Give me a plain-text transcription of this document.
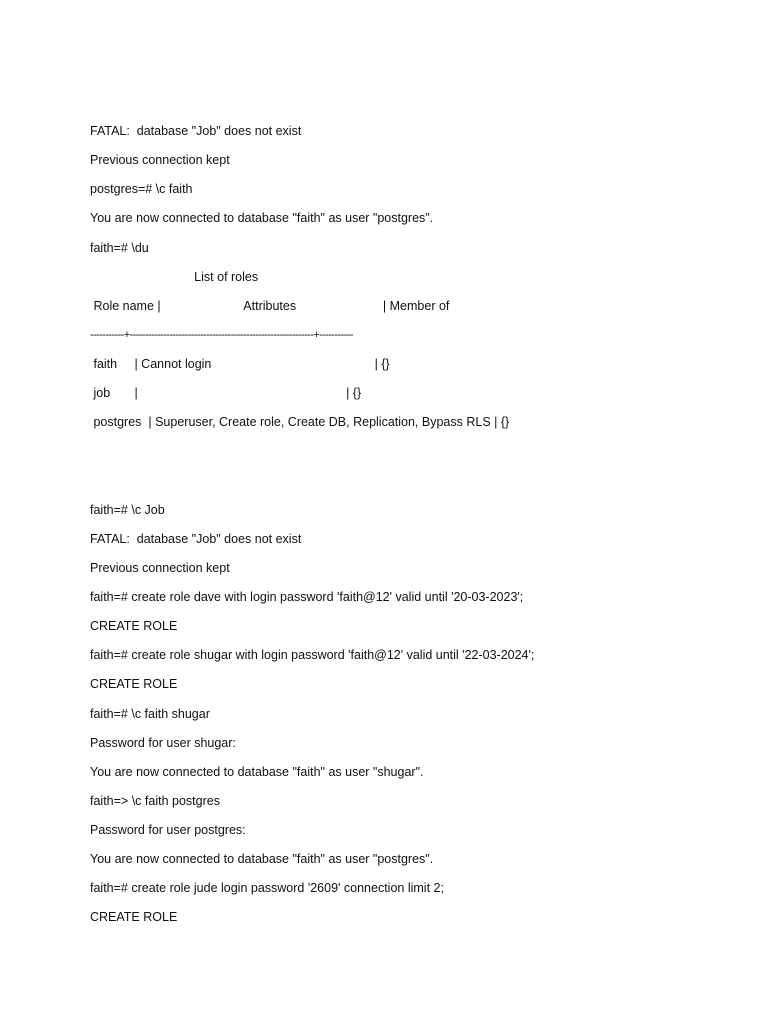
FATAL:  database "Job" does not exist
Previous connection kept
postgres=# \c faith
You are now connected to database "faith" as user "postgres".
faith=# \du
List of roles
Role name |                        Attributes                         | Member of
-----------+------------------------------------------------------------+-----------
faith     | Cannot login                                               | {}
job       |                                                            | {}
postgres  | Superuser, Create role, Create DB, Replication, Bypass RLS | {}
faith=# \c Job
FATAL:  database "Job" does not exist
Previous connection kept
faith=# create role dave with login password 'faith@12' valid until '20-03-2023';
CREATE ROLE
faith=# create role shugar with login password 'faith@12' valid until '22-03-2024';
CREATE ROLE
faith=# \c faith shugar
Password for user shugar:
You are now connected to database "faith" as user "shugar".
faith=> \c faith postgres
Password for user postgres:
You are now connected to database "faith" as user "postgres".
faith=# create role jude login password '2609' connection limit 2;
CREATE ROLE
